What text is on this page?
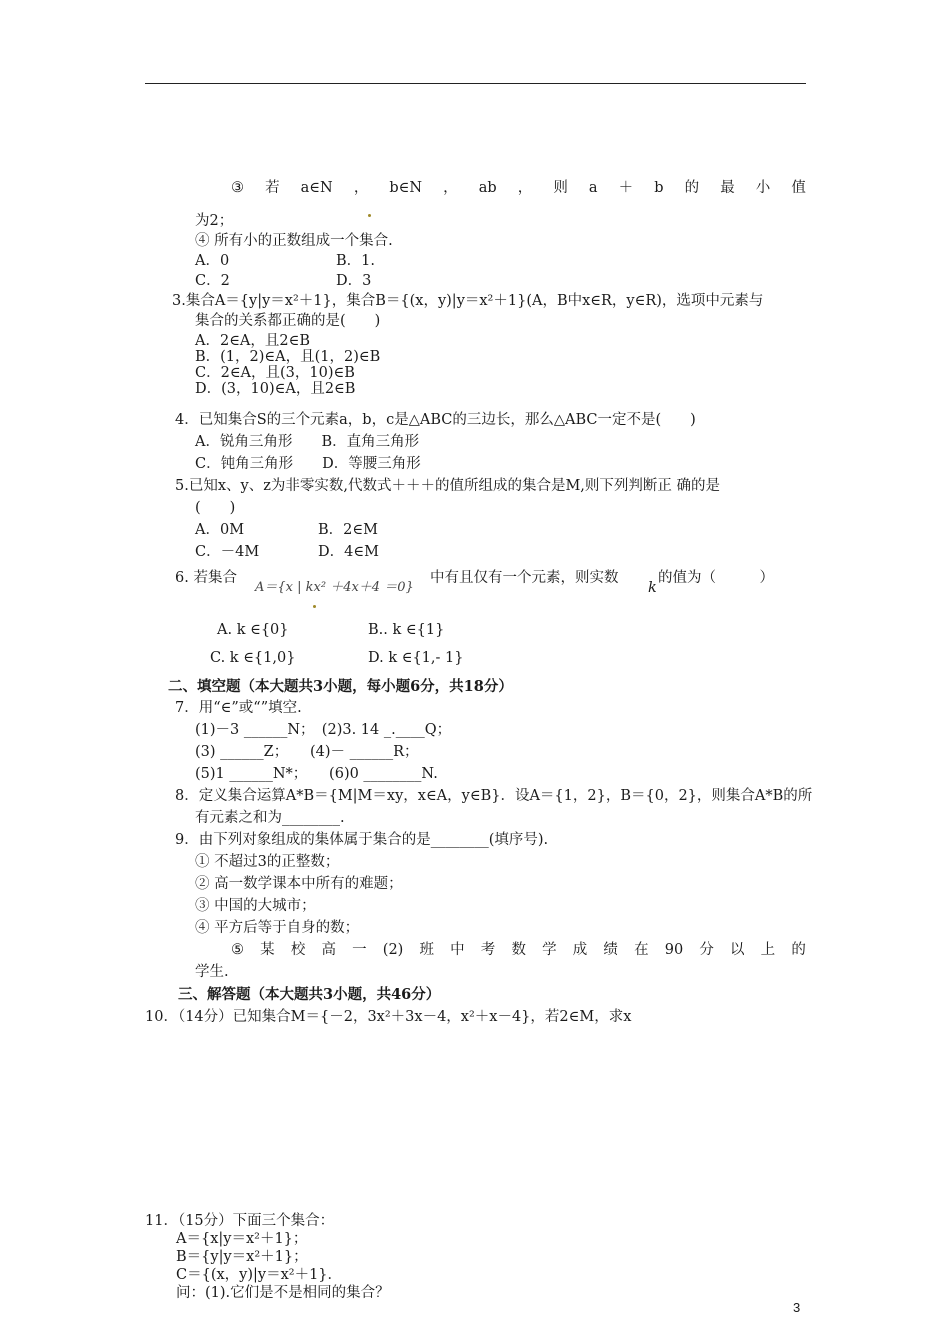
③ 若 a∈N ， b∈N ， ab ， 则 a ＋ b 的 最 小 值
⑤ 某 校 高 一 (2) 班 中 考 数 学 成 绩 在 90 分 以 上 的
为2；
④ 所有小的正数组成一个集合.
A．0	B．1.
C．2	D．3
3.集合A＝{y|y＝x²＋1}，集合B＝{(x，y)|y＝x²＋1}(A，B中x∈R，y∈R)，选项中元素与
集合的关系都正确的是(　　)
A．2∈A，且2∈B
B．(1，2)∈A，且(1，2)∈B
C．2∈A，且(3，10)∈B
D．(3，10)∈A，且2∈B
4．已知集合S的三个元素a，b，c是△ABC的三边长，那么△ABC一定不是(　　)
A．锐角三角形　　B．直角三角形
C．钝角三角形　　D．等腰三角形
5.已知x、y、z为非零实数,代数式＋＋＋的值所组成的集合是M,则下列判断正 确的是
(　　)
A．0M	B．2∈M
C．－4M	D．4∈M
6. 若集合
A＝{x | kx² ＋4x＋4 ＝0}
中有且仅有一个元素，则实数
k
的值为（　　　）
A. k ∈{0}	B.. k ∈{1}
C. k ∈{1,0}	D. k ∈{1,- 1}
二、填空题（本大题共3小题，每小题6分，共18分）
7．用“∈”或“”填空.
(1)－3 ______N；　(2)3. 14 _.____Q；
(3) ______Z；　　(4)－ ______R；
(5)1 ______N*；　　(6)0 ________N.
8．定义集合运算A*B＝{M|M＝xy，x∈A，y∈B}．设A＝{1，2}，B＝{0，2}，则集合A*B的所
有元素之和为________.
9．由下列对象组成的集体属于集合的是________(填序号).
① 不超过3的正整数；
② 高一数学课本中所有的难题；
③ 中国的大城市；
④ 平方后等于自身的数；
学生.
三、解答题（本大题共3小题，共46分）
10．（14分）已知集合M＝{－2，3x²＋3x－4，x²＋x－4}，若2∈M，求x
11．（15分）下面三个集合：
A＝{x|y＝x²＋1}；
B＝{y|y＝x²＋1}；
C＝{(x，y)|y＝x²＋1}．
问：(1).它们是不是相同的集合？
3
